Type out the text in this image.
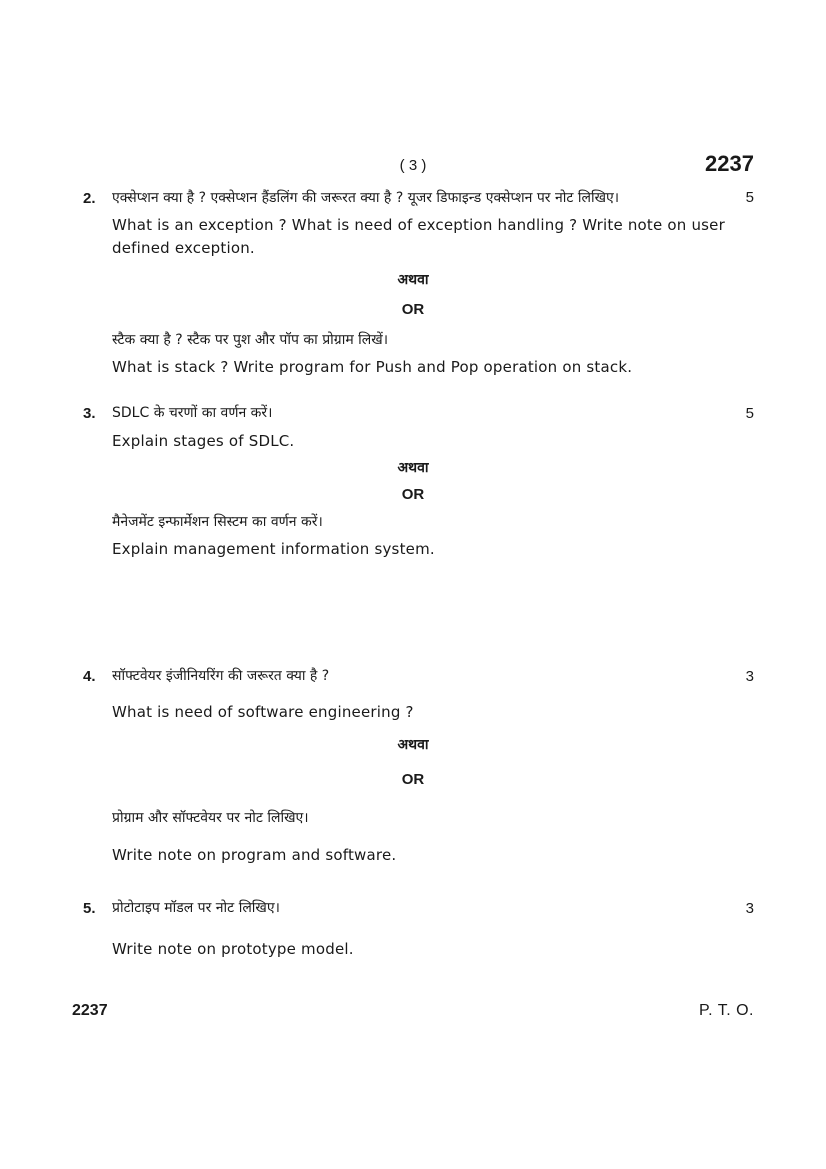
( 3 )	2237
2. एक्सेप्शन क्या है ? एक्सेप्शन हैंडलिंग की जरूरत क्या है ? यूजर डिफाइन्ड एक्सेप्शन पर नोट लिखिए।	5
What is an exception ? What is need of exception handling ? Write note on user
defined exception.
अथवा
OR
स्टैक क्या है ? स्टैक पर पुश और पॉप का प्रोग्राम लिखें।
What is stack ? Write program for Push and Pop operation on stack.
3. SDLC के चरणों का वर्णन करें।	5
Explain stages of SDLC.
अथवा
OR
मैनेजमेंट इन्फार्मेशन सिस्टम का वर्णन करें।
Explain management information system.
4. सॉफ्टवेयर इंजीनियरिंग की जरूरत क्या है ?	3
What is need of software engineering ?
अथवा
OR
प्रोग्राम और सॉफ्टवेयर पर नोट लिखिए।
Write note on program and software.
5. प्रोटोटाइप मॉडल पर नोट लिखिए।	3
Write note on prototype model.
2237	P. T. O.
